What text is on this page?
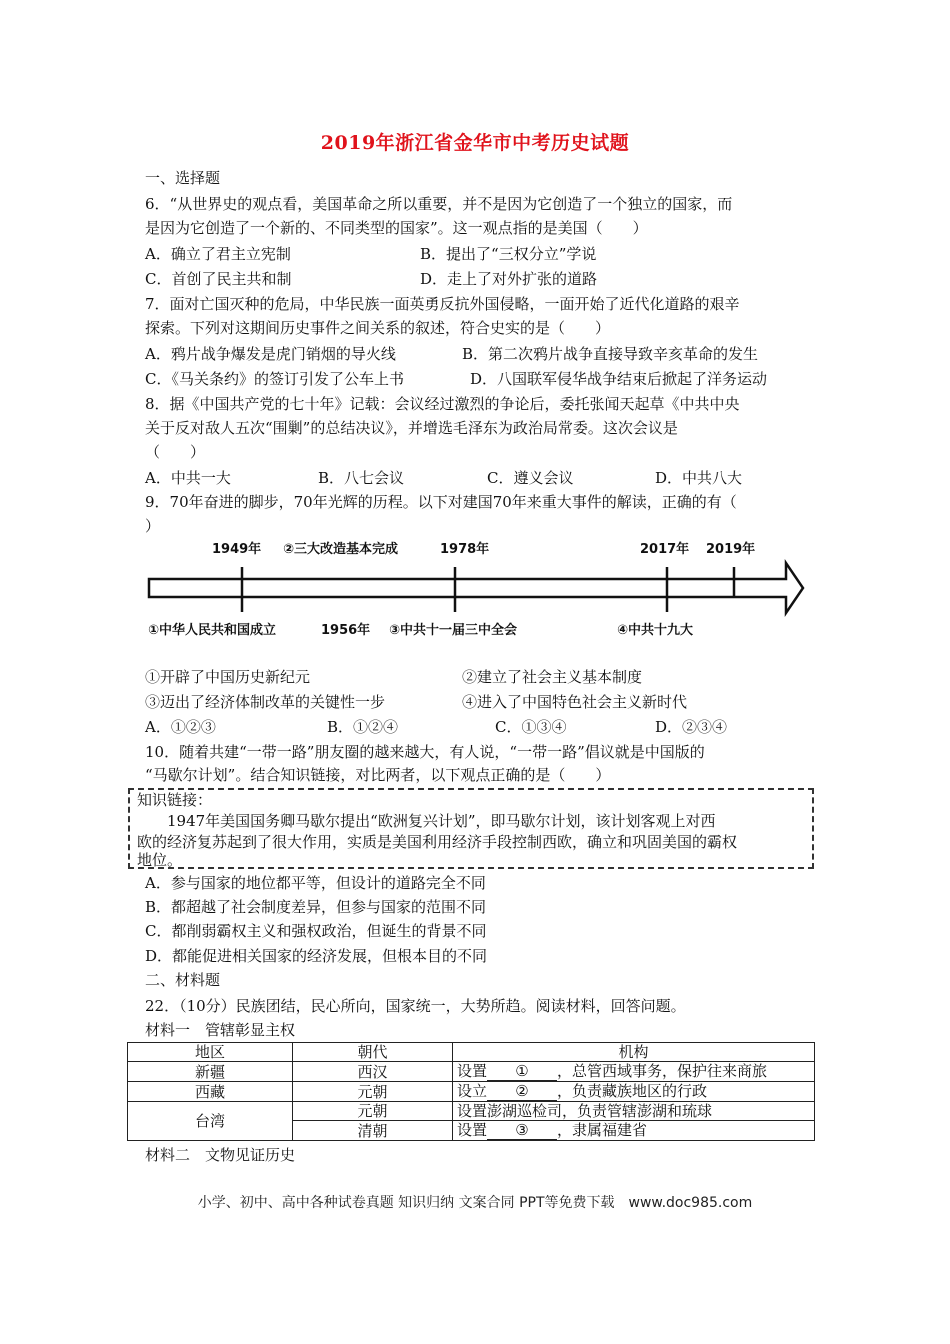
2019年浙江省金华市中考历史试题
一、选择题
6．“从世界史的观点看，美国革命之所以重要，并不是因为它创造了一个独立的国家，而
是因为它创造了一个新的、不同类型的国家”。这一观点指的是美国（　　）
A．确立了君主立宪制	B．提出了“三权分立”学说
C．首创了民主共和制	D．走上了对外扩张的道路
7．面对亡国灭种的危局，中华民族一面英勇反抗外国侵略，一面开始了近代化道路的艰辛
探索。下列对这期间历史事件之间关系的叙述，符合史实的是（　　）
A．鸦片战争爆发是虎门销烟的导火线	B．第二次鸦片战争直接导致辛亥革命的发生
C．《马关条约》的签订引发了公车上书	D．八国联军侵华战争结束后掀起了洋务运动
8．据《中国共产党的七十年》记载：会议经过激烈的争论后，委托张闻天起草《中共中央
关于反对敌人五次“围剿”的总结决议》，并增选毛泽东为政治局常委。这次会议是
（　　）
A．中共一大	B．八七会议	C．遵义会议	D．中共八大
9．70年奋进的脚步，70年光辉的历程。以下对建国70年来重大事件的解读，正确的有（
）
1949年 ②三大改造基本完成	1978年	2017年 2019年
①中华人民共和国成立	1956年 ③中共十一届三中全会	④中共十九大
①开辟了中国历史新纪元	②建立了社会主义基本制度
③迈出了经济体制改革的关键性一步	④进入了中国特色社会主义新时代
A．①②③	B．①②④	C．①③④	D．②③④
10．随着共建“一带一路”朋友圈的越来越大，有人说，“一带一路”倡议就是中国版的
“马歇尔计划”。结合知识链接，对比两者，以下观点正确的是（　　）
知识链接：
1947年美国国务卿马歇尔提出“欧洲复兴计划”，即马歇尔计划，该计划客观上对西
欧的经济复苏起到了很大作用，实质是美国利用经济手段控制西欧，确立和巩固美国的霸权
地位。
A．参与国家的地位都平等，但设计的道路完全不同
B．都超越了社会制度差异，但参与国家的范围不同
C．都削弱霸权主义和强权政治，但诞生的背景不同
D．都能促进相关国家的经济发展，但根本目的不同
二、材料题
22．（10分）民族团结，民心所向，国家统一，大势所趋。阅读材料，回答问题。
材料一　管辖彰显主权
地区	朝代	机构
新疆	西汉	设置 ① ，总管西域事务，保护往来商旅
西藏	元朝	设立 ② ，负责藏族地区的行政
台湾	元朝	设置澎湖巡检司，负责管辖澎湖和琉球
	清朝	设置 ③ ，隶属福建省
材料二　文物见证历史
小学、初中、高中各种试卷真题 知识归纳 文案合同 PPT等免费下载　www.doc985.com
